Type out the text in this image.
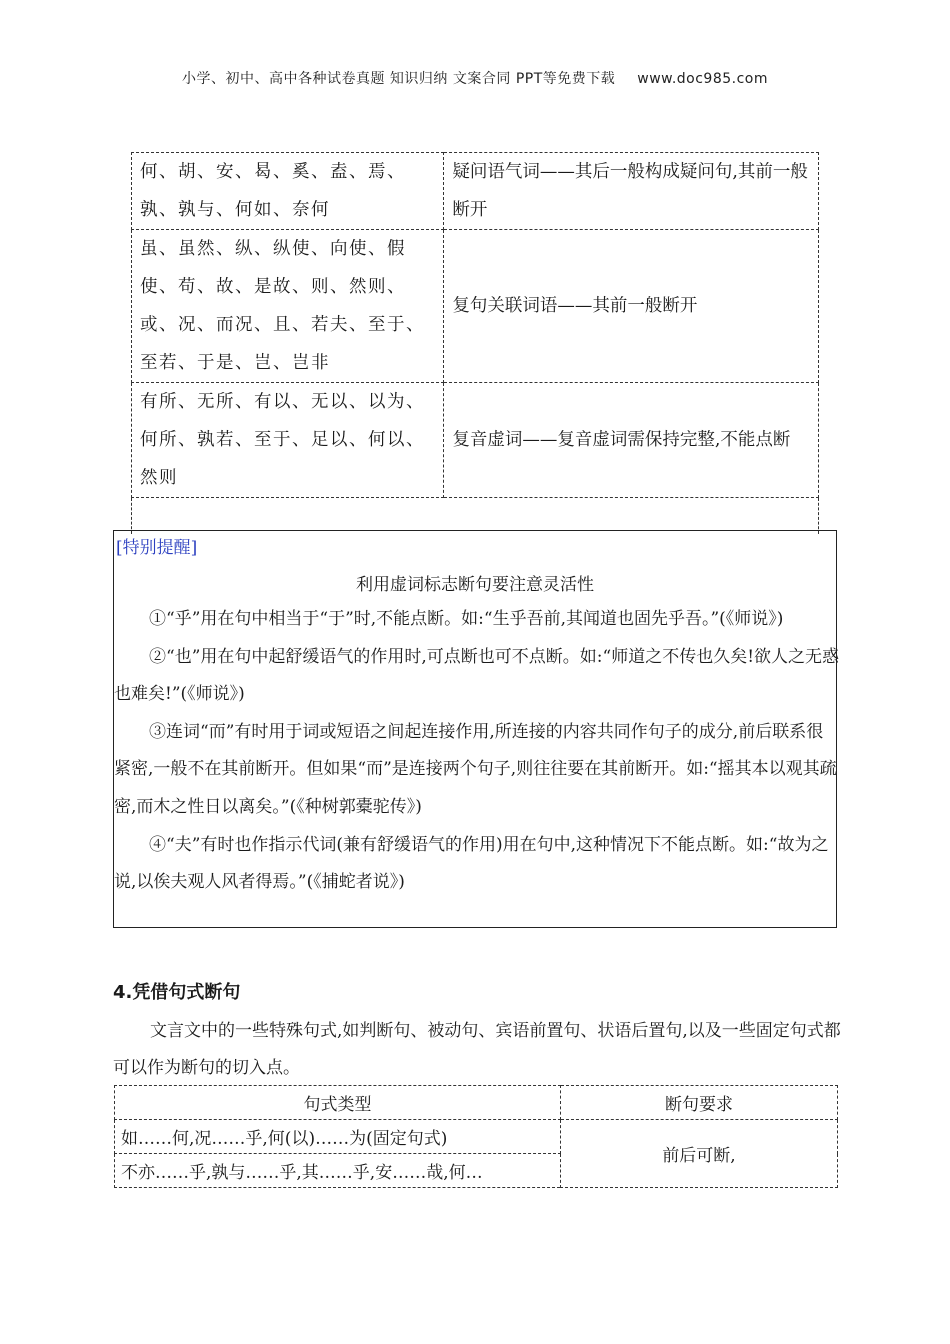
小学、初中、高中各种试卷真题 知识归纳 文案合同 PPT等免费下载 www.doc985.com
何、胡、安、曷、奚、盍、焉、孰、孰与、何如、奈何	疑问语气词——其后一般构成疑问句,其前一般断开
虽、虽然、纵、纵使、向使、假使、苟、故、是故、则、然则、或、况、而况、且、若夫、至于、至若、于是、岂、岂非	复句关联词语——其前一般断开
有所、无所、有以、无以、以为、何所、孰若、至于、足以、何以、然则	复音虚词——复音虚词需保持完整,不能点断

[特别提醒]
利用虚词标志断句要注意灵活性

①“乎”用在句中相当于“于”时,不能点断。如:“生乎吾前,其闻道也固先乎吾。”(《师说》)

②“也”用在句中起舒缓语气的作用时,可点断也可不点断。如:“师道之不传也久矣!欲人之无惑也难矣!”(《师说》)

③连词“而”有时用于词或短语之间起连接作用,所连接的内容共同作句子的成分,前后联系很紧密,一般不在其前断开。但如果“而”是连接两个句子,则往往要在其前断开。如:“摇其本以观其疏密,而木之性日以离矣。”(《种树郭橐驼传》)

④“夫”有时也作指示代词(兼有舒缓语气的作用)用在句中,这种情况下不能点断。如:“故为之说,以俟夫观人风者得焉。”(《捕蛇者说》)

4.凭借句式断句

文言文中的一些特殊句式,如判断句、被动句、宾语前置句、状语后置句,以及一些固定句式都可以作为断句的切入点。

句式类型	断句要求
如……何,况……乎,何(以)……为(固定句式)	前后可断,
不亦……乎,孰与……乎,其……乎,安……哉,何…	
